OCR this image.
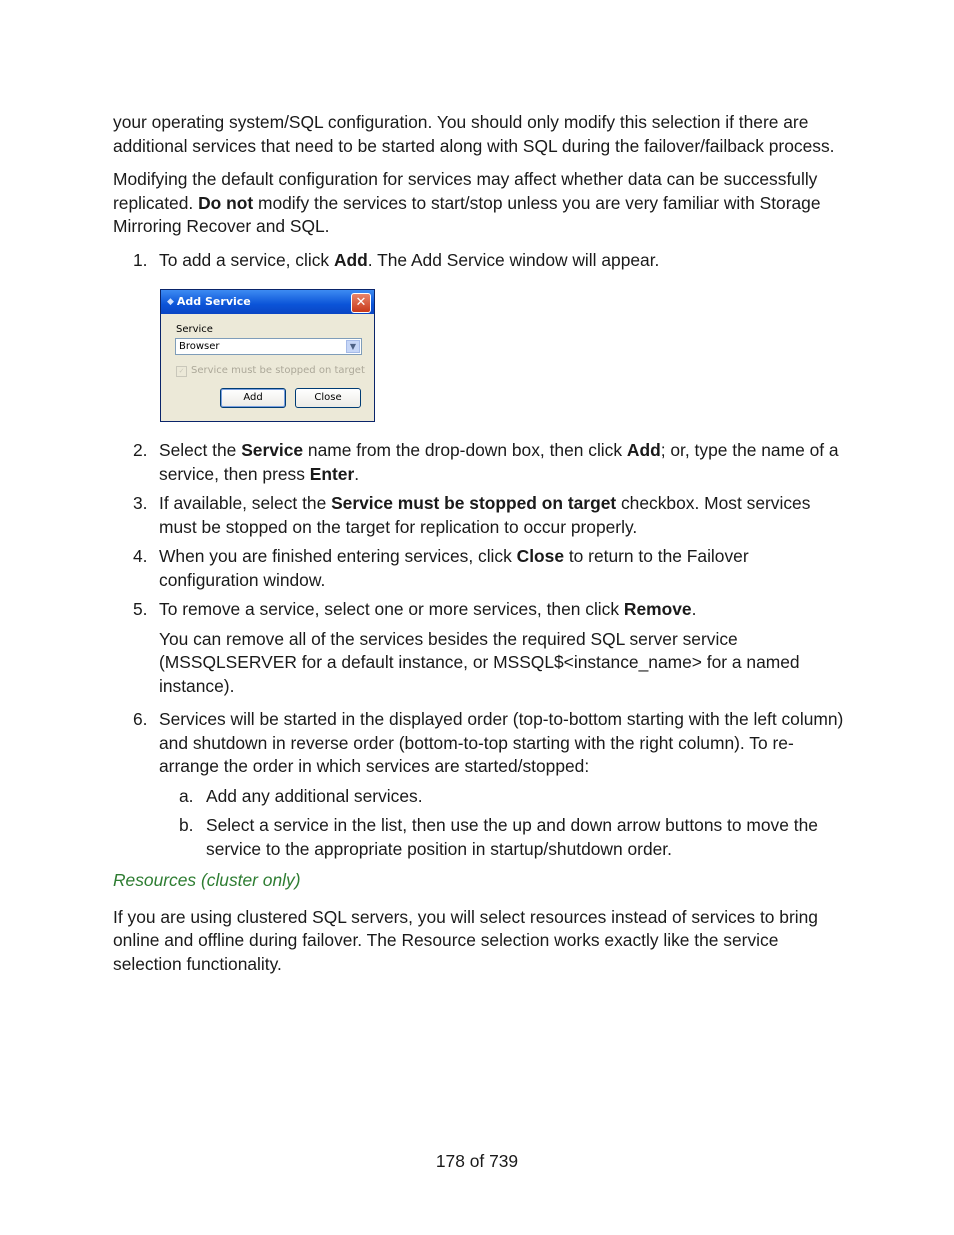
your operating system/SQL configuration. You should only modify this selection if there are additional services that need to be started along with SQL during the failover/failback process.

Modifying the default configuration for services may affect whether data can be successfully replicated. Do not modify the services to start/stop unless you are very familiar with Storage Mirroring Recover and SQL.

1. To add a service, click Add. The Add Service window will appear.
◆ Add Service	✕
Service
Browser	▼
✓ Service must be stopped on target
Add	Close
2. Select the Service name from the drop-down box, then click Add; or, type the name of a service, then press Enter.
3. If available, select the Service must be stopped on target checkbox. Most services must be stopped on the target for replication to occur properly.
4. When you are finished entering services, click Close to return to the Failover configuration window.
5. To remove a service, select one or more services, then click Remove.

You can remove all of the services besides the required SQL server service (MSSQLSERVER for a default instance, or MSSQL$<instance_name> for a named instance).

6. Services will be started in the displayed order (top-to-bottom starting with the left column) and shutdown in reverse order (bottom-to-top starting with the right column). To re-arrange the order in which services are started/stopped:
a. Add any additional services.
b. Select a service in the list, then use the up and down arrow buttons to move the service to the appropriate position in startup/shutdown order.

Resources (cluster only)

If you are using clustered SQL servers, you will select resources instead of services to bring online and offline during failover. The Resource selection works exactly like the service selection functionality.

178 of 739
